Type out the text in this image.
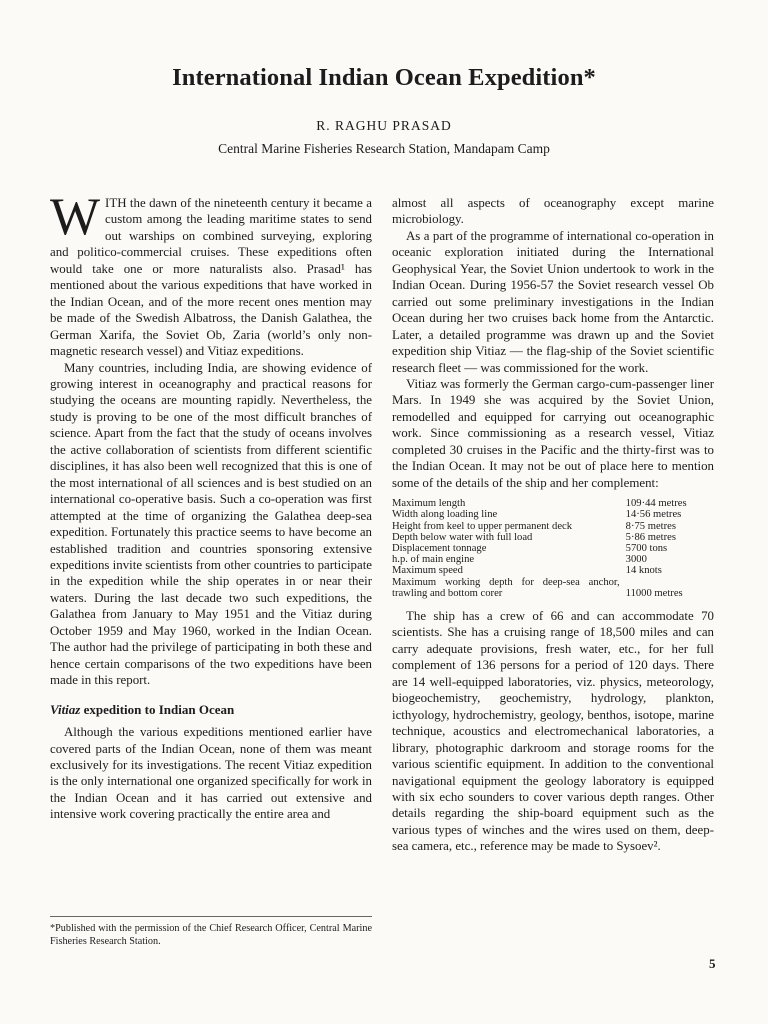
International Indian Ocean Expedition*
R. RAGHU PRASAD
Central Marine Fisheries Research Station, Mandapam Camp

WITH the dawn of the nineteenth century it became a custom among the leading maritime states to send out warships on combined surveying, exploring and politico-commercial cruises. These expeditions often would take one or more naturalists also. Prasad¹ has mentioned about the various expeditions that have worked in the Indian Ocean, and of the more recent ones mention may be made of the Swedish Albatross, the Danish Galathea, the German Xarifa, the Soviet Ob, Zaria (world’s only non-magnetic research vessel) and Vitiaz expeditions.

Many countries, including India, are showing evidence of growing interest in oceanography and practical reasons for studying the oceans are mounting rapidly. Nevertheless, the study is proving to be one of the most difficult branches of science. Apart from the fact that the study of oceans involves the active collaboration of scientists from different scientific disciplines, it has also been well recognized that this is one of the most international of all sciences and is best studied on an international co-operative basis. Such a co-operation was first attempted at the time of organizing the Galathea deep-sea expedition. Fortunately this practice seems to have become an established tradition and countries sponsoring extensive expeditions invite scientists from other countries to participate in the expedition while the ship operates in or near their waters. During the last decade two such expeditions, the Galathea from January to May 1951 and the Vitiaz during October 1959 and May 1960, worked in the Indian Ocean. The author had the privilege of participating in both these and hence certain comparisons of the two expeditions have been made in this report.

Vitiaz expedition to Indian Ocean

Although the various expeditions mentioned earlier have covered parts of the Indian Ocean, none of them was meant exclusively for its investigations. The recent Vitiaz expedition is the only international one organized specifically for work in the Indian Ocean and it has carried out extensive and intensive work covering practically the entire area and

*Published with the permission of the Chief Research Officer, Central Marine Fisheries Research Station.

almost all aspects of oceanography except marine microbiology.

As a part of the programme of international co-operation in oceanic exploration initiated during the International Geophysical Year, the Soviet Union undertook to work in the Indian Ocean. During 1956-57 the Soviet research vessel Ob carried out some preliminary investigations in the Indian Ocean during her two cruises back home from the Antarctic. Later, a detailed programme was drawn up and the Soviet expedition ship Vitiaz — the flag-ship of the Soviet scientific research fleet — was commissioned for the work.

Vitiaz was formerly the German cargo-cum-passenger liner Mars. In 1949 she was acquired by the Soviet Union, remodelled and equipped for carrying out oceanographic work. Since commissioning as a research vessel, Vitiaz completed 30 cruises in the Pacific and the thirty-first was to the Indian Ocean. It may not be out of place here to mention some of the details of the ship and her complement:

Maximum length	109·44 metres
Width along loading line	14·56 metres
Height from keel to upper permanent deck	8·75 metres
Depth below water with full load	5·86 metres
Displacement tonnage	5700 tons
h.p. of main engine	3000
Maximum speed	14 knots
Maximum working depth for deep-sea anchor, trawling and bottom corer	11000 metres

The ship has a crew of 66 and can accommodate 70 scientists. She has a cruising range of 18,500 miles and can carry adequate provisions, fresh water, etc., for her full complement of 136 persons for a period of 120 days. There are 14 well-equipped laboratories, viz. physics, meteorology, biogeochemistry, geochemistry, hydrology, plankton, icthyology, hydrochemistry, geology, benthos, isotope, marine technique, acoustics and electromechanical laboratories, a library, photographic darkroom and storage rooms for the various scientific equipment. In addition to the conventional navigational equipment the geology laboratory is equipped with six echo sounders to cover various depth ranges. Other details regarding the ship-board equipment such as the various types of winches and the wires used on them, deep-sea camera, etc., reference may be made to Sysoev².

5
